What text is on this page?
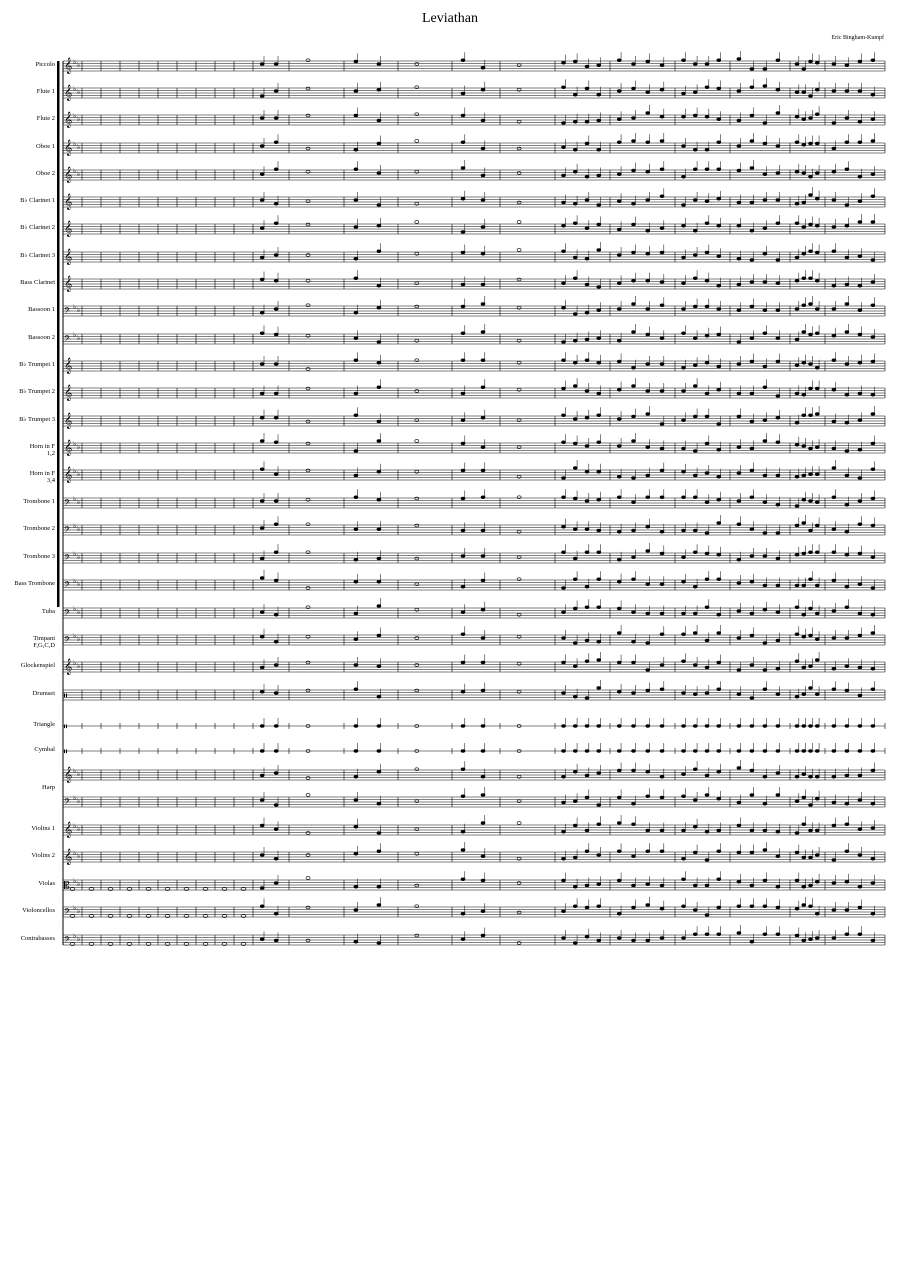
Leviathan
Eric Bingham-Kumpf
Piccolo
Flute 1
Flute 2
Oboe 1
Oboe 2
B♭ Clarinet 1
B♭ Clarinet 2
B♭ Clarinet 3
Bass Clarinet
Bassoon 1
Bassoon 2
B♭ Trumpet 1
B♭ Trumpet 2
B♭ Trumpet 3
Horn in F
1,2
Horn in F
3,4
Trombone 1
Trombone 2
Trombone 3
Bass Trombone
Tuba
Timpani
F,G,C,D
Glockenspiel
Drumset
Triangle
Cymbal
Harp
Violins 1
Violins 2
Violas
Violoncellos
Contrabasses
𝄞 ♭ ♭
𝄞 ♭ ♭
𝄞 ♭ ♭
𝄞 ♭ ♭
𝄞 ♭ ♭
𝄞
𝄞
𝄞
𝄞
𝄢 ♭ ♭
𝄢 ♭ ♭
𝄞
𝄞
𝄞
𝄞 ♭ ♭
𝄞 ♭ ♭
𝄢 ♭ ♭
𝄢 ♭ ♭
𝄢 ♭ ♭
𝄢 ♭ ♭
𝄢 ♭ ♭
𝄢 ♭ ♭
𝄞 ♭ ♭
𝄥
𝄥
𝄥
𝄞 ♭ ♭
𝄢 ♭ ♭
𝄞 ♭ ♭
𝄞 ♭ ♭
𝄡 ♭ ♭
𝄢 ♭ ♭
𝄢 ♭ ♭
